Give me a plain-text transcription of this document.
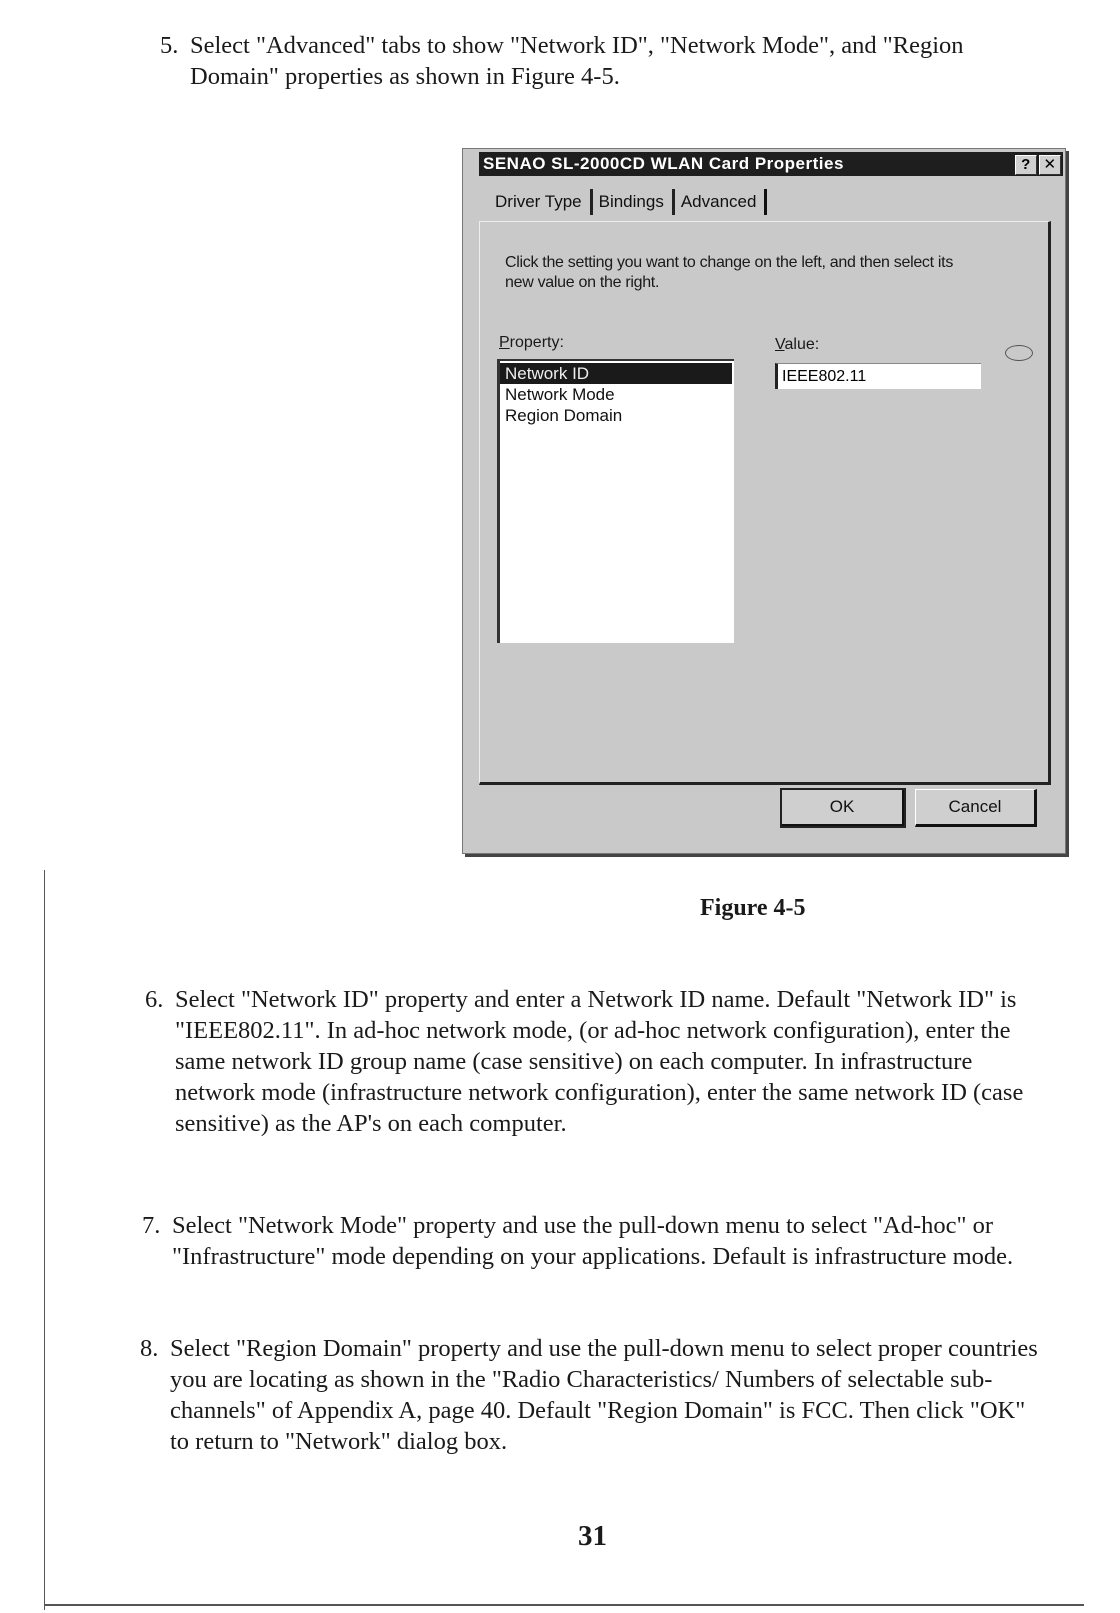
5. Select "Advanced" tabs to show "Network ID", "Network Mode", and "Region Domain" properties as shown in Figure 4-5.
SENAO SL-2000CD WLAN Card Properties	? ✕
Driver Type Bindings Advanced
Click the setting you want to change on the left, and then select its new value on the right.
Property:	Value:
Network ID
Network Mode
Region Domain
IEEE802.11
OK	Cancel
Figure 4-5
6. Select "Network ID" property and enter a Network ID name. Default "Network ID" is "IEEE802.11". In ad-hoc network mode, (or ad-hoc network configuration), enter the same network ID group name (case sensitive) on each computer. In infrastructure network mode (infrastructure network configuration), enter the same network ID (case sensitive) as the AP's on each computer.
7. Select "Network Mode" property and use the pull-down menu to select "Ad-hoc" or "Infrastructure" mode depending on your applications. Default is infrastructure mode.
8. Select "Region Domain" property and use the pull-down menu to select proper countries you are locating as shown in the "Radio Characteristics/ Numbers of selectable sub-channels" of Appendix A, page 40. Default "Region Domain" is FCC. Then click "OK" to return to "Network" dialog box.
31
